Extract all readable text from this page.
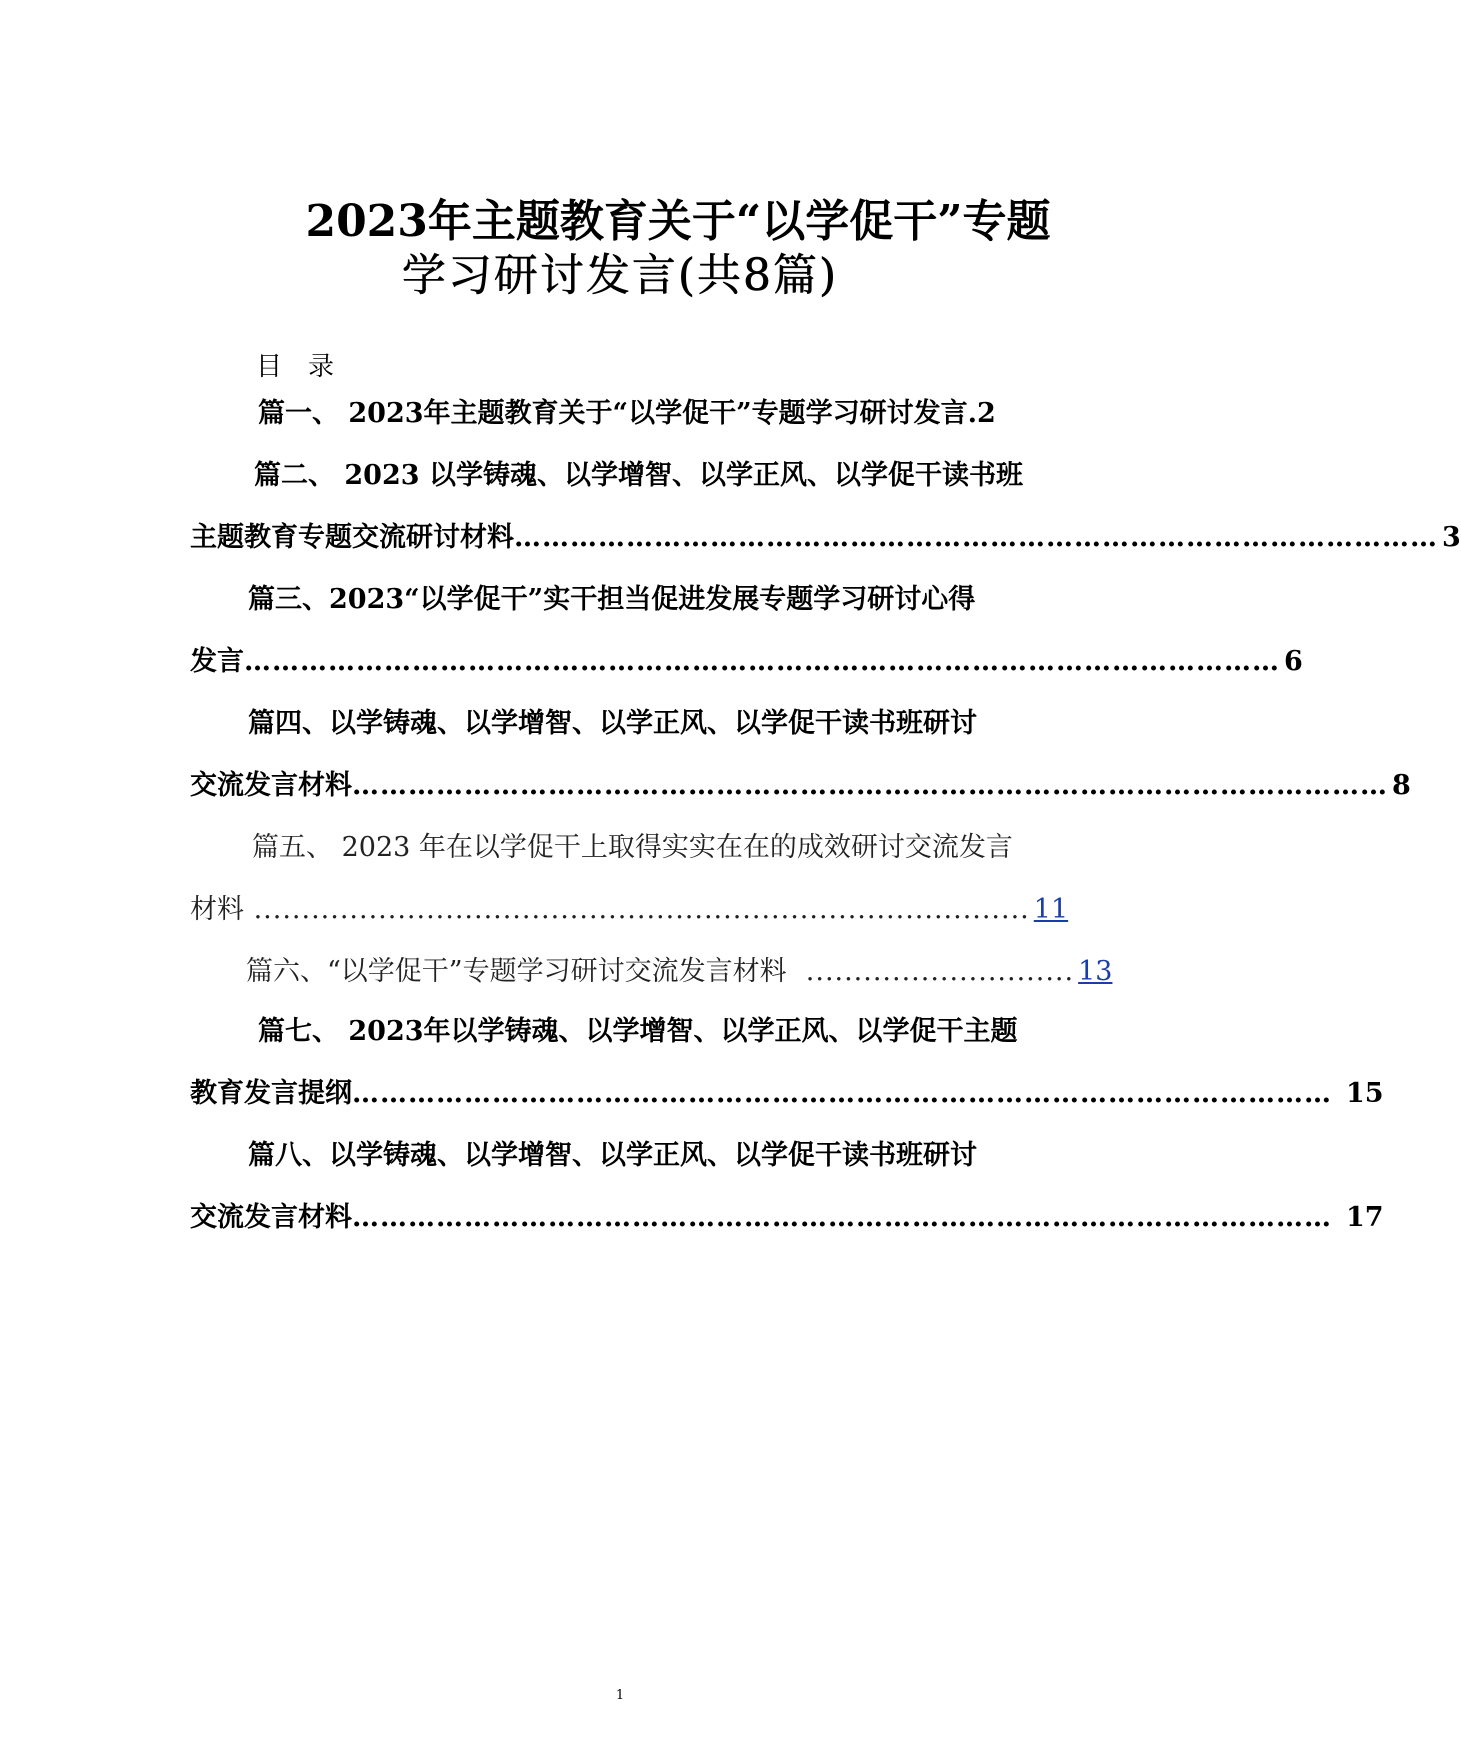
2023年主题教育关于“以学促干”专题
学习研讨发言(共8篇)
目录
篇一、 2023年主题教育关于“以学促干”专题学习研讨发言.2
篇二、 2023 以学铸魂、以学增智、以学正风、以学促干读书班
主题教育专题交流研讨材料 ……………………………………………………………………………………… 3
篇三、2023“以学促干”实干担当促进发展专题学习研讨心得
发言 ………………………………………………………………………………………………… 6
篇四、以学铸魂、以学增智、以学正风、以学促干读书班研讨
交流发言材料 ………………………………………………………………………………………………… 8
篇五、 2023 年在以学促干上取得实实在在的成效研讨交流发言
材料 ................................................................................. 11
篇六、“以学促干”专题学习研讨交流发言材料 ............................ 13
篇七、 2023年以学铸魂、以学增智、以学正风、以学促干主题
教育发言提纲 …………………………………………………………………………………………… 15
篇八、以学铸魂、以学增智、以学正风、以学促干读书班研讨
交流发言材料 …………………………………………………………………………………………… 17
1
